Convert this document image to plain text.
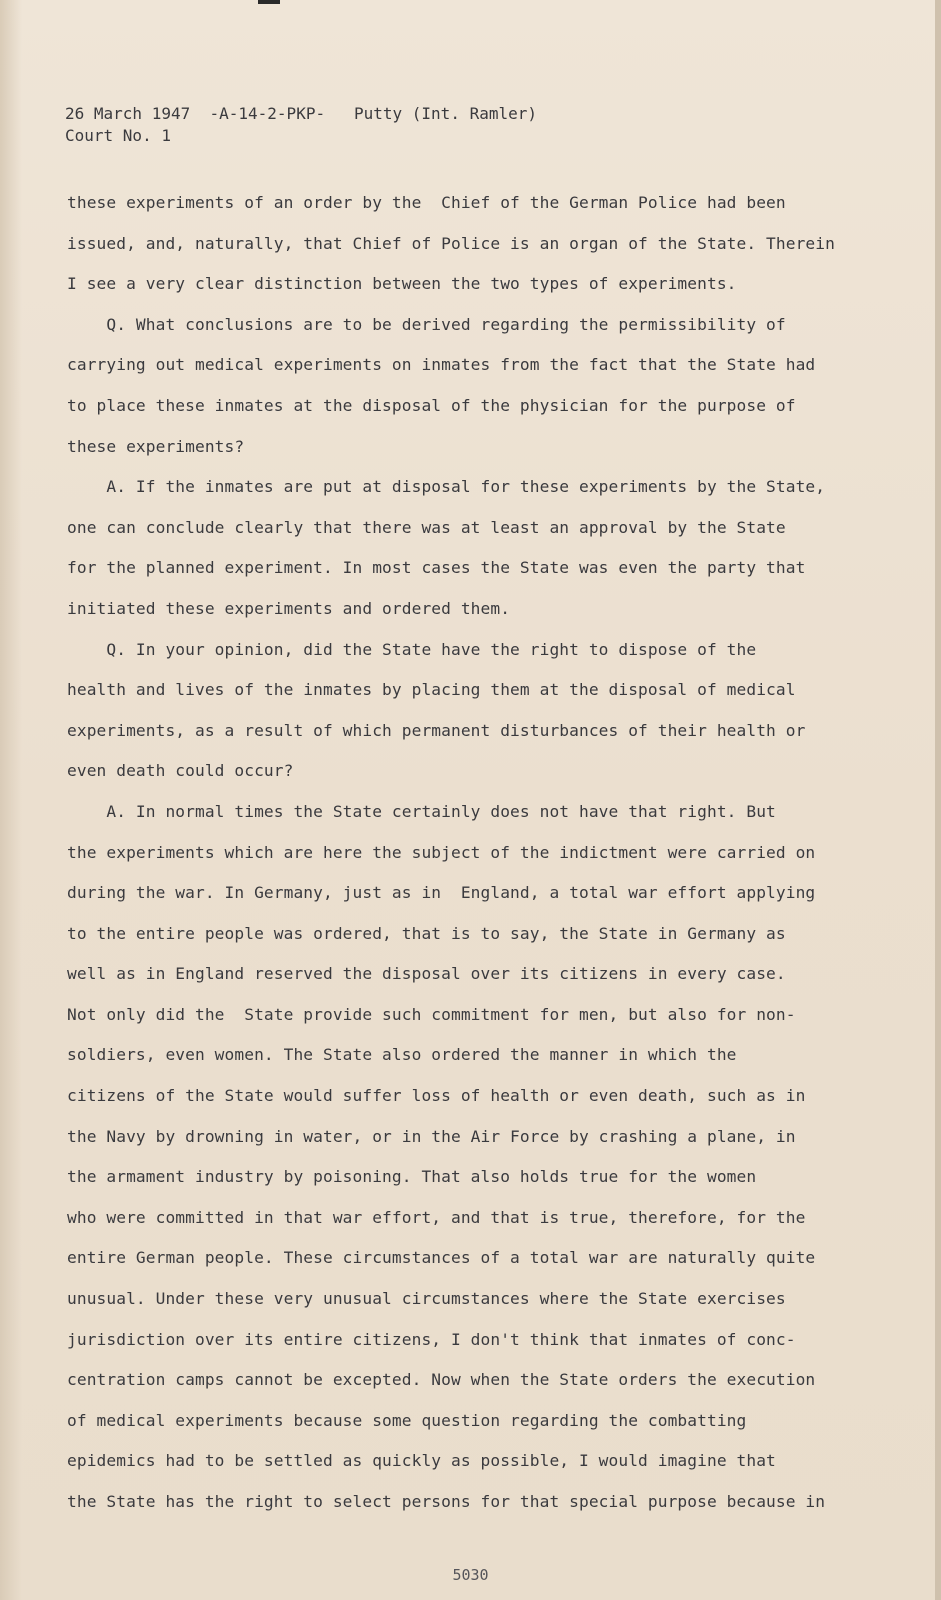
26 March 1947  -A-14-2-PKP-   Putty (Int. Ramler)
Court No. 1
these experiments of an order by the  Chief of the German Police had been
issued, and, naturally, that Chief of Police is an organ of the State. Therein
I see a very clear distinction between the two types of experiments.
Q. What conclusions are to be derived regarding the permissibility of
carrying out medical experiments on inmates from the fact that the State had
to place these inmates at the disposal of the physician for the purpose of
these experiments?
A. If the inmates are put at disposal for these experiments by the State,
one can conclude clearly that there was at least an approval by the State
for the planned experiment. In most cases the State was even the party that
initiated these experiments and ordered them.
Q. In your opinion, did the State have the right to dispose of the
health and lives of the inmates by placing them at the disposal of medical
experiments, as a result of which permanent disturbances of their health or
even death could occur?
A. In normal times the State certainly does not have that right. But
the experiments which are here the subject of the indictment were carried on
during the war. In Germany, just as in  England, a total war effort applying
to the entire people was ordered, that is to say, the State in Germany as
well as in England reserved the disposal over its citizens in every case.
Not only did the  State provide such commitment for men, but also for non-
soldiers, even women. The State also ordered the manner in which the
citizens of the State would suffer loss of health or even death, such as in
the Navy by drowning in water, or in the Air Force by crashing a plane, in
the armament industry by poisoning. That also holds true for the women
who were committed in that war effort, and that is true, therefore, for the
entire German people. These circumstances of a total war are naturally quite
unusual. Under these very unusual circumstances where the State exercises
jurisdiction over its entire citizens, I don't think that inmates of conc-
centration camps cannot be excepted. Now when the State orders the execution
of medical experiments because some question regarding the combatting
epidemics had to be settled as quickly as possible, I would imagine that
the State has the right to select persons for that special purpose because in
5030
